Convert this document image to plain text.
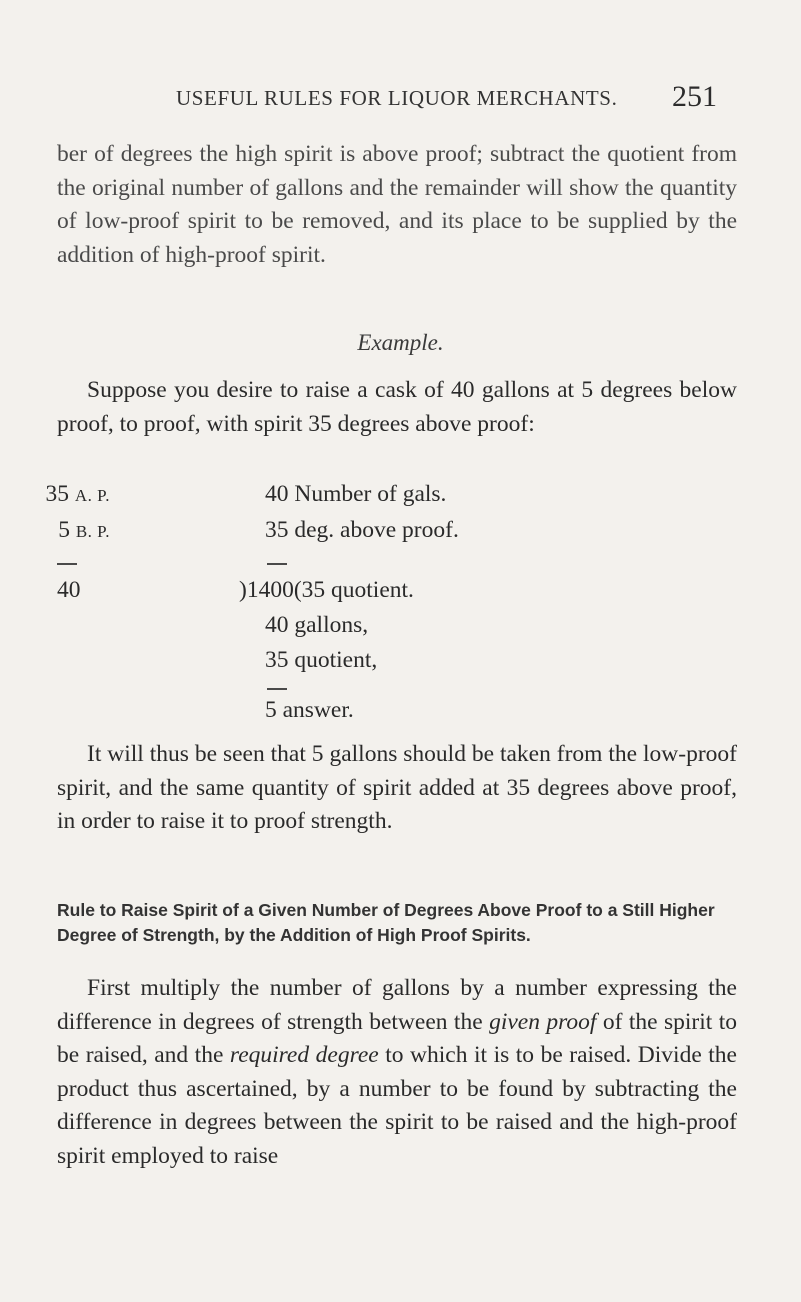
USEFUL RULES FOR LIQUOR MERCHANTS. 251
ber of degrees the high spirit is above proof; subtract the quotient from the original number of gallons and the remainder will show the quantity of low-proof spirit to be removed, and its place to be supplied by the addition of high-proof spirit.
Example.
Suppose you desire to raise a cask of 40 gallons at 5 degrees below proof, to proof, with spirit 35 degrees above proof:
35 A. P.	40 Number of gals.
5 B. P.	35 deg. above proof.
40	)1400(35 quotient.
40 gallons,
35 quotient,
5 answer.
It will thus be seen that 5 gallons should be taken from the low-proof spirit, and the same quantity of spirit added at 35 degrees above proof, in order to raise it to proof strength.
Rule to Raise Spirit of a Given Number of Degrees Above Proof to a Still Higher Degree of Strength, by the Addition of High Proof Spirits.
First multiply the number of gallons by a number expressing the difference in degrees of strength between the given proof of the spirit to be raised, and the required degree to which it is to be raised. Divide the product thus ascertained, by a number to be found by subtracting the difference in degrees between the spirit to be raised and the high-proof spirit employed to raise
